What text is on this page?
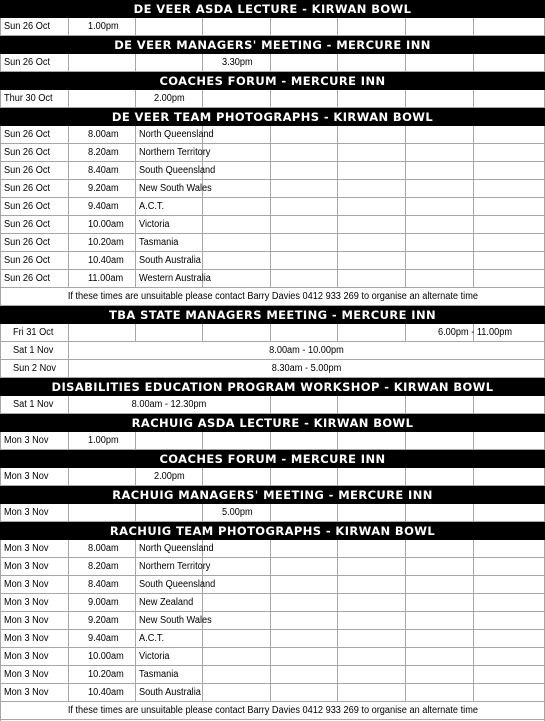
DE VEER ASDA LECTURE - KIRWAN BOWL
Sun 26 Oct	1.00pm
DE VEER MANAGERS' MEETING - MERCURE INN
Sun 26 Oct	3.30pm
COACHES FORUM - MERCURE INN
Thur 30 Oct	2.00pm
DE VEER TEAM PHOTOGRAPHS - KIRWAN BOWL
Sun 26 Oct	8.00am North Queensland
Sun 26 Oct	8.20am Northern Territory
Sun 26 Oct	8.40am South Queensland
Sun 26 Oct	9.20am New South Wales
Sun 26 Oct	9.40am A.C.T.
Sun 26 Oct	10.00am Victoria
Sun 26 Oct	10.20am Tasmania
Sun 26 Oct	10.40am South Australia
Sun 26 Oct	11.00am Western Australia
If these times are unsuitable please contact Barry Davies 0412 933 269 to organise an alternate time
TBA STATE MANAGERS MEETING - MERCURE INN
Fri 31 Oct	6.00pm - 11.00pm
Sat 1 Nov	8.00am - 10.00pm
Sun 2 Nov	8.30am - 5.00pm
DISABILITIES EDUCATION PROGRAM WORKSHOP - KIRWAN BOWL
Sat 1 Nov	8.00am - 12.30pm
RACHUIG ASDA LECTURE - KIRWAN BOWL
Mon 3 Nov	1.00pm
COACHES FORUM - MERCURE INN
Mon 3 Nov	2.00pm
RACHUIG MANAGERS' MEETING - MERCURE INN
Mon 3 Nov	5.00pm
RACHUIG TEAM PHOTOGRAPHS - KIRWAN BOWL
Mon 3 Nov	8.00am North Queensland
Mon 3 Nov	8.20am Northern Territory
Mon 3 Nov	8.40am South Queensland
Mon 3 Nov	9.00am New Zealand
Mon 3 Nov	9.20am New South Wales
Mon 3 Nov	9.40am A.C.T.
Mon 3 Nov	10.00am Victoria
Mon 3 Nov	10.20am Tasmania
Mon 3 Nov	10.40am South Australia
If these times are unsuitable please contact Barry Davies 0412 933 269 to organise an alternate time
